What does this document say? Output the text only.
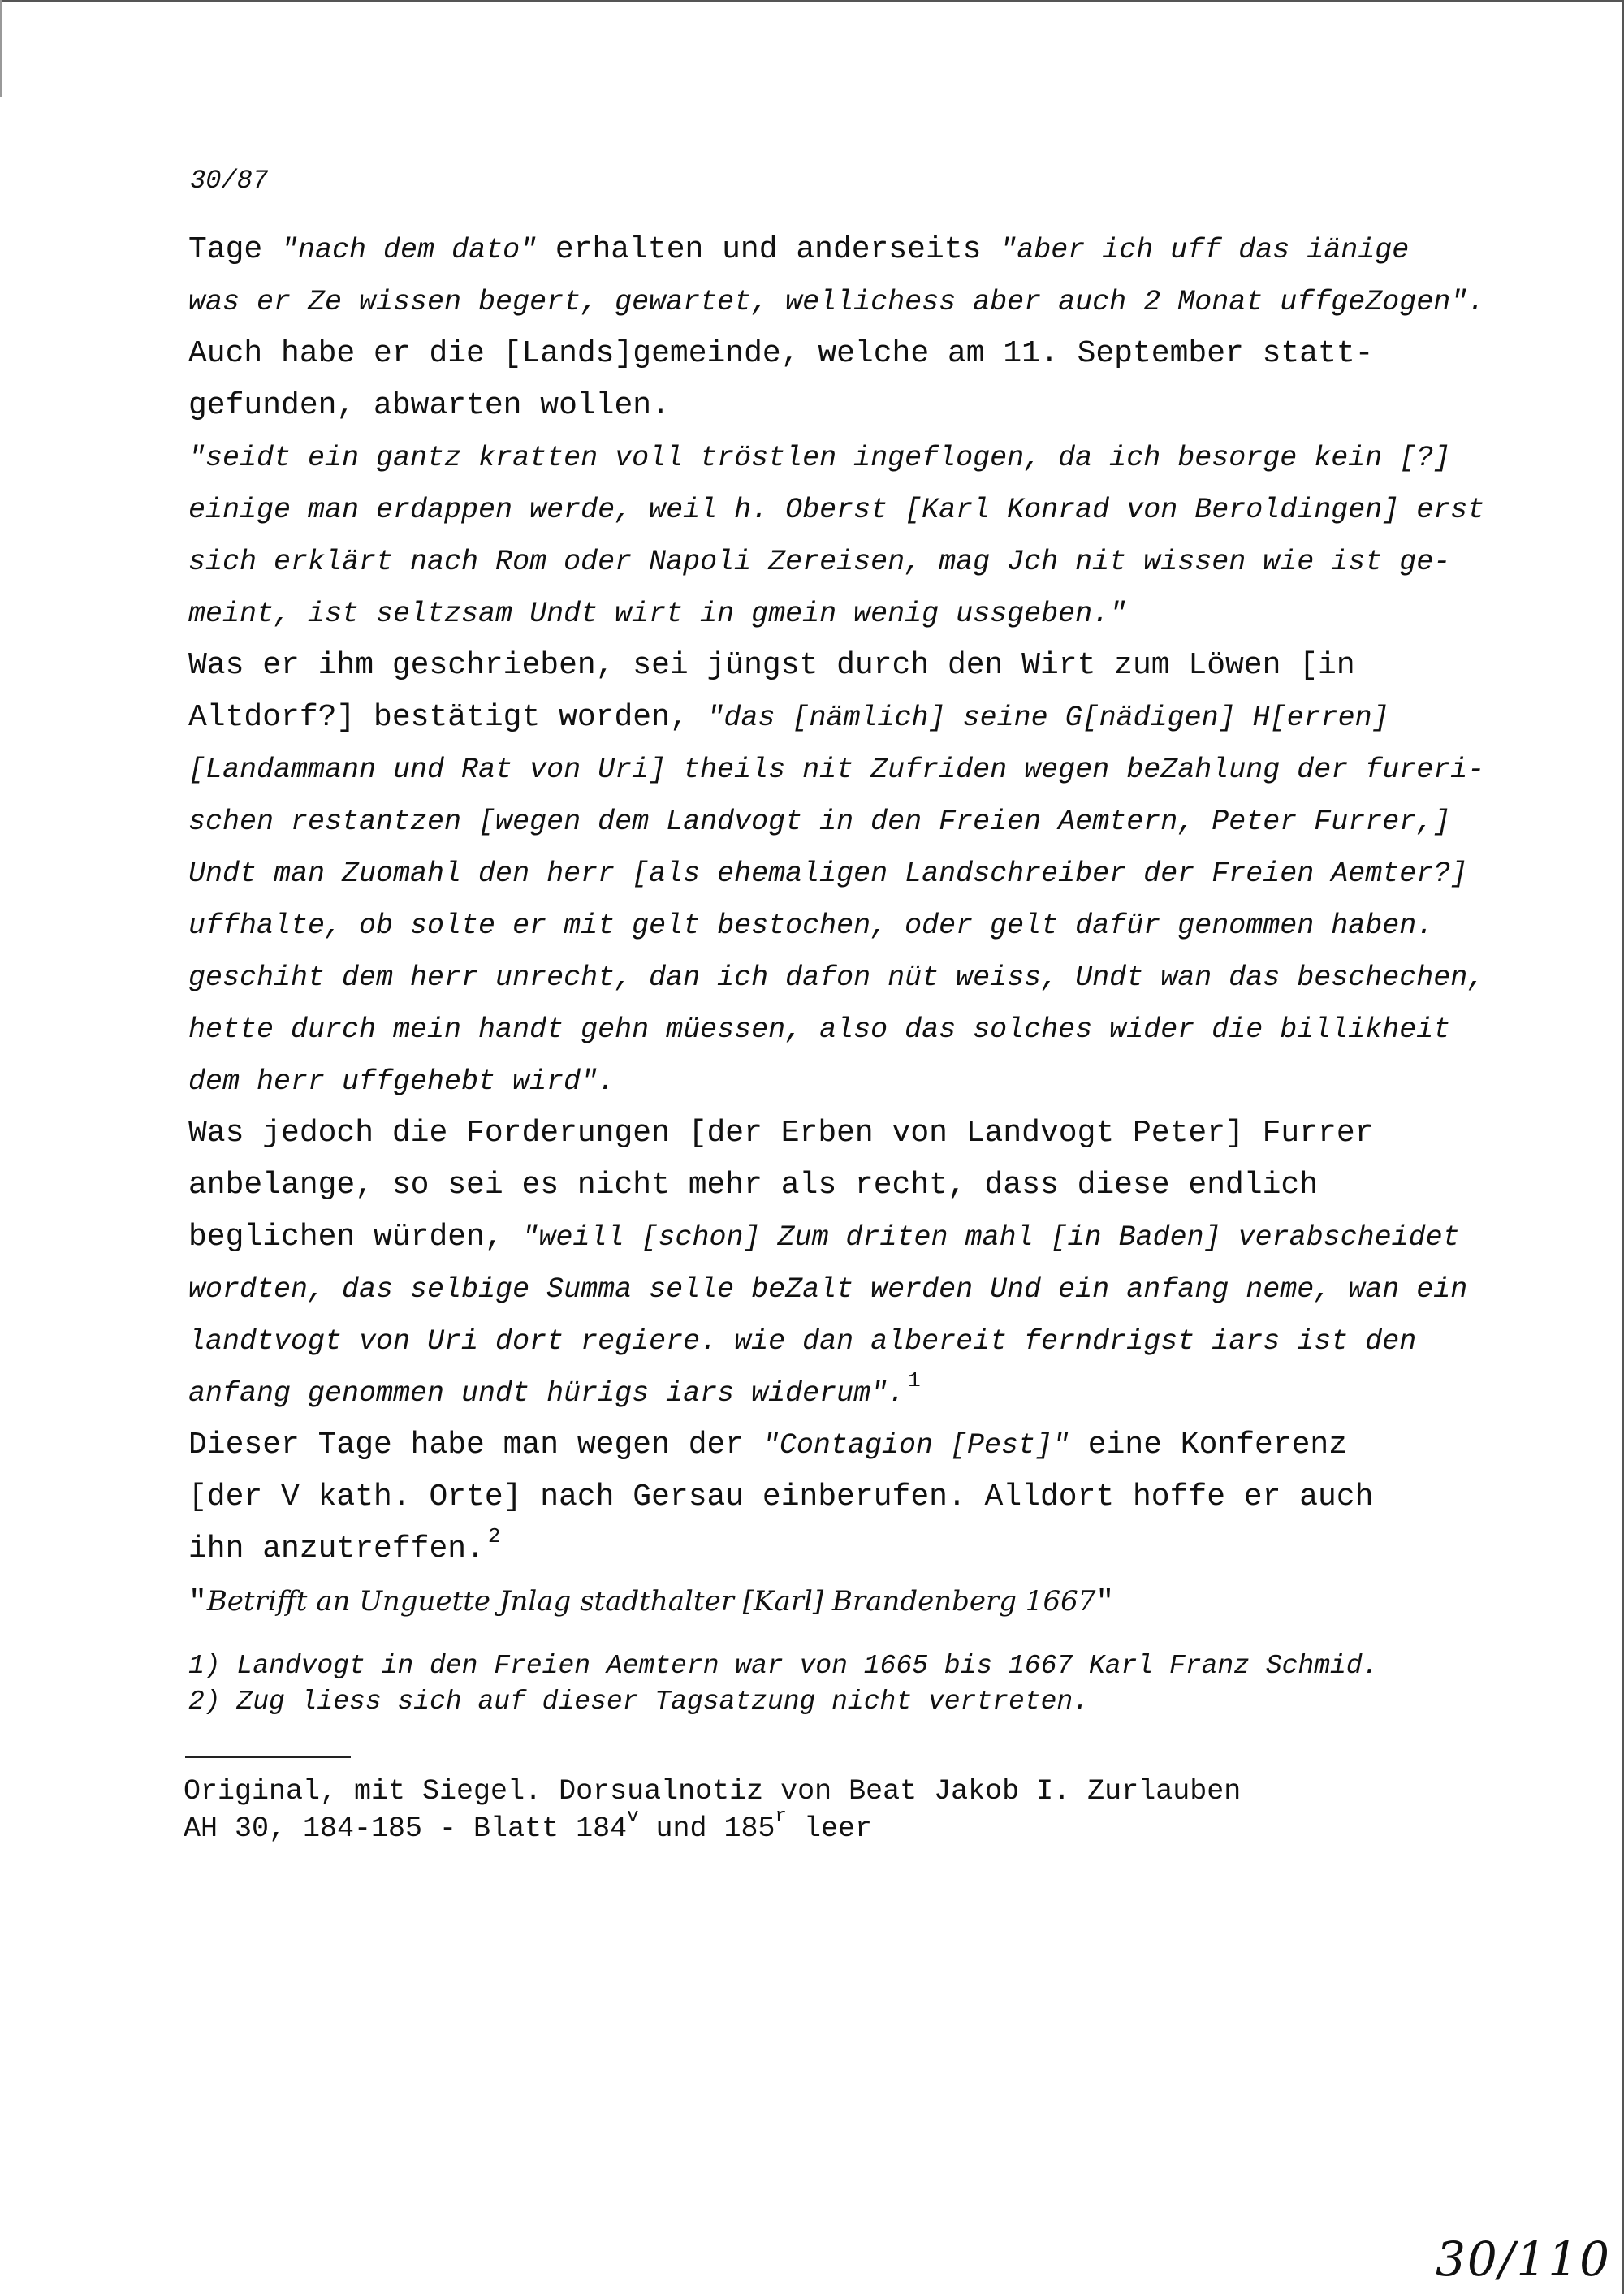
30/87
Tage "nach dem dato" erhalten und anderseits "aber ich uff das iänige
was er Ze wissen begert, gewartet, wellichess aber auch 2 Monat uffgeZogen".
Auch habe er die [Lands]gemeinde, welche am 11. September statt-
gefunden, abwarten wollen.
"seidt ein gantz kratten voll tröstlen ingeflogen, da ich besorge kein [?]
einige man erdappen werde, weil h. Oberst [Karl Konrad von Beroldingen] erst
sich erklärt nach Rom oder Napoli Zereisen, mag Jch nit wissen wie ist ge-
meint, ist seltzsam Undt wirt in gmein wenig ussgeben."
Was er ihm geschrieben, sei jüngst durch den Wirt zum Löwen [in
Altdorf?] bestätigt worden, "das [nämlich] seine G[nädigen] H[erren]
[Landammann und Rat von Uri] theils nit Zufriden wegen beZahlung der fureri-
schen restantzen [wegen dem Landvogt in den Freien Aemtern, Peter Furrer,]
Undt man Zuomahl den herr [als ehemaligen Landschreiber der Freien Aemter?]
uffhalte, ob solte er mit gelt bestochen, oder gelt dafür genommen haben.
geschiht dem herr unrecht, dan ich dafon nüt weiss, Undt wan das beschechen,
hette durch mein handt gehn müessen, also das solches wider die billikheit
dem herr uffgehebt wird".
Was jedoch die Forderungen [der Erben von Landvogt Peter] Furrer
anbelange, so sei es nicht mehr als recht, dass diese endlich
beglichen würden, "weill [schon] Zum driten mahl [in Baden] verabscheidet
wordten, das selbige Summa selle beZalt werden Und ein anfang neme, wan ein
landtvogt von Uri dort regiere. wie dan albereit ferndrigst iars ist den
anfang genommen undt hürigs iars widerum". $^1$
Dieser Tage habe man wegen der "Contagion [Pest]" eine Konferenz
[der V kath. Orte] nach Gersau einberufen. Alldort hoffe er auch
ihn anzutreffen. $^2$
"Betrifft an Unguette Jnlag stadthalter [Karl] Brandenberg 1667"
1) Landvogt in den Freien Aemtern war von 1665 bis 1667 Karl Franz Schmid.
2) Zug liess sich auf dieser Tagsatzung nicht vertreten.
Original, mit Siegel. Dorsualnotiz von Beat Jakob I. Zurlauben
AH 30, 184-185 - Blatt 184$^v$ und 185$^r$ leer
30/110
